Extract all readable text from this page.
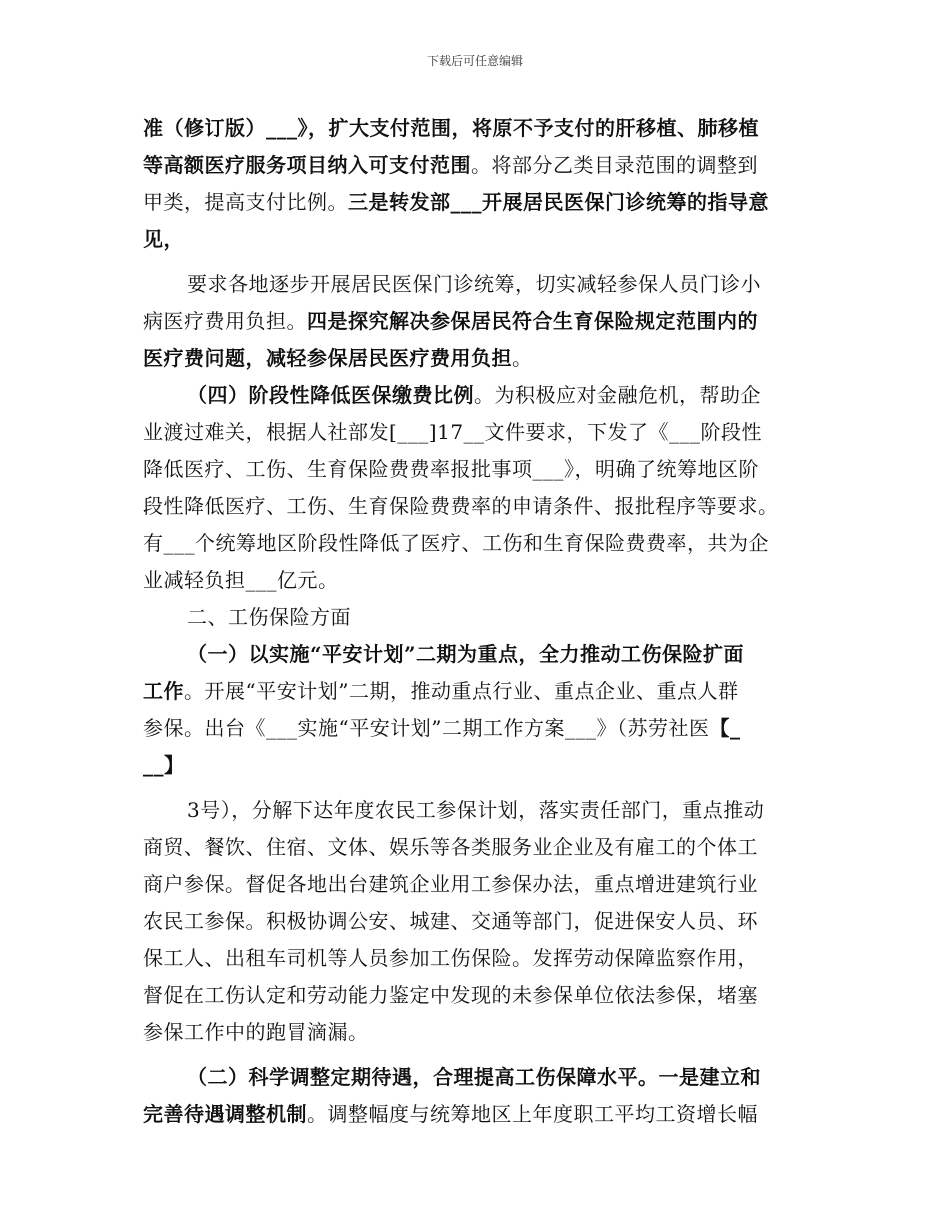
下载后可任意编辑
准（修订版）___》，扩大支付范围，将原不予支付的肝移植、肺移植
等高额医疗服务项目纳入可支付范围。将部分乙类目录范围的调整到
甲类，提高支付比例。三是转发部___开展居民医保门诊统筹的指导意
见，
要求各地逐步开展居民医保门诊统筹，切实减轻参保人员门诊小
病医疗费用负担。四是探究解决参保居民符合生育保险规定范围内的
医疗费问题，减轻参保居民医疗费用负担。
（四）阶段性降低医保缴费比例。为积极应对金融危机，帮助企
业渡过难关，根据人社部发[___]17__文件要求，下发了《___阶段性
降低医疗、工伤、生育保险费费率报批事项___》，明确了统筹地区阶
段性降低医疗、工伤、生育保险费费率的申请条件、报批程序等要求。
有___个统筹地区阶段性降低了医疗、工伤和生育保险费费率，共为企
业减轻负担___亿元。
二、工伤保险方面
（一）以实施“平安计划”二期为重点，全力推动工伤保险扩面
工作。开展“平安计划”二期，推动重点行业、重点企业、重点人群
参保。出台《___实施“平安计划”二期工作方案___》（苏劳社医【_
__】
3号），分解下达年度农民工参保计划，落实责任部门，重点推动
商贸、餐饮、住宿、文体、娱乐等各类服务业企业及有雇工的个体工
商户参保。督促各地出台建筑企业用工参保办法，重点增进建筑行业
农民工参保。积极协调公安、城建、交通等部门，促进保安人员、环
保工人、出租车司机等人员参加工伤保险。发挥劳动保障监察作用，
督促在工伤认定和劳动能力鉴定中发现的未参保单位依法参保，堵塞
参保工作中的跑冒滴漏。
（二）科学调整定期待遇，合理提高工伤保障水平。一是建立和
完善待遇调整机制。调整幅度与统筹地区上年度职工平均工资增长幅
